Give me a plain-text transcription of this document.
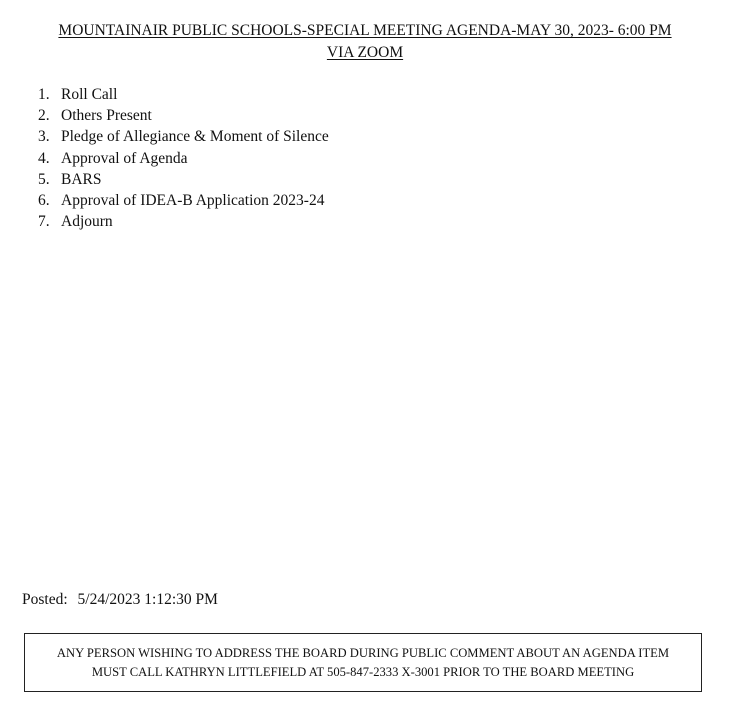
MOUNTAINAIR PUBLIC SCHOOLS-SPECIAL MEETING AGENDA-MAY 30, 2023- 6:00 PM
VIA ZOOM
1. Roll Call
2. Others Present
3. Pledge of Allegiance & Moment of Silence
4. Approval of Agenda
5. BARS
6. Approval of IDEA-B Application 2023-24
7. Adjourn
Posted: 5/24/2023 1:12:30 PM
ANY PERSON WISHING TO ADDRESS THE BOARD DURING PUBLIC COMMENT ABOUT AN AGENDA ITEM
MUST CALL KATHRYN LITTLEFIELD AT 505-847-2333 X-3001 PRIOR TO THE BOARD MEETING
